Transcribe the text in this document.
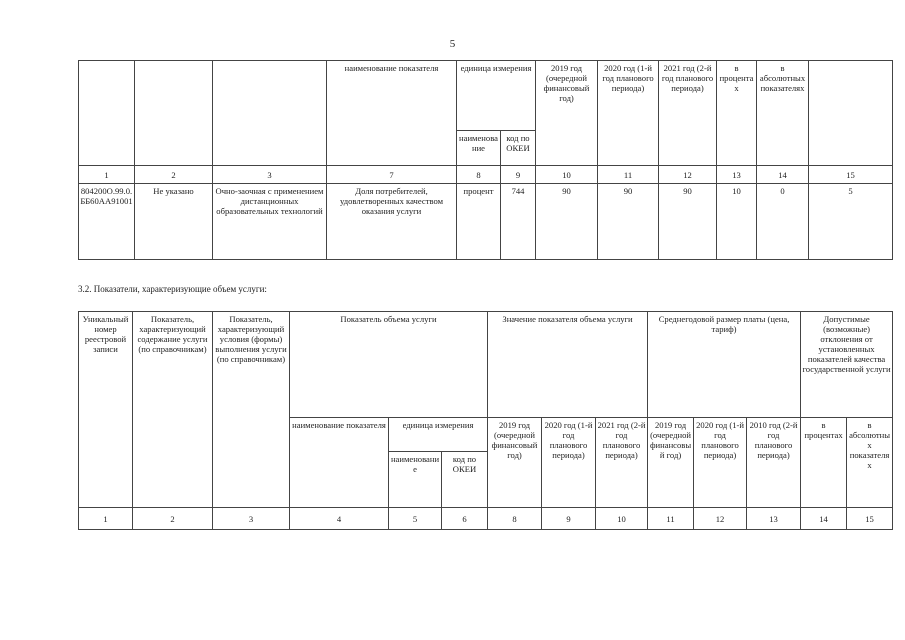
5
			наименование показателя	единица измерения		2019 год (очередной финансовый год)	2020 год (1-й год планового периода)	2021 год (2-й год планового периода)	в процентах	в абсолютных показателях	
				наименование	код по ОКЕИ						
1	2	3	7	8	9	10	11	12	13	14	15
804200О.99.0.ББ60АА91001	Не указано	Очно-заочная с применением дистанционных образовательных технологий	Доля потребителей, удовлетворенных качеством оказания услуги	процент	744	90	90	90	10	0	5
3.2. Показатели, характеризующие объем услуги:
Уникальный номер реестровой записи	Показатель, характеризующий содержание услуги (по справочникам)	Показатель, характеризующий условия (формы) выполнения услуги (по справочникам)	Показатель объема услуги			Значение показателя объема услуги			Среднегодовой размер платы (цена, тариф)			Допустимые (возможные) отклонения от установленных показателей качества государственной услуги	
			наименование показателя	единица измерения		2019 год (очередной финансовый год)	2020 год (1-й год планового периода)	2021 год (2-й год планового периода)	2019 год (очередной финансовый год)	2020 год (1-й год планового периода)	2010 год (2-й год планового периода)	в процентах	в абсолютных показателях
				наименование	код по ОКЕИ								
1	2	3	4	5	6	8	9	10	11	12	13	14	15
